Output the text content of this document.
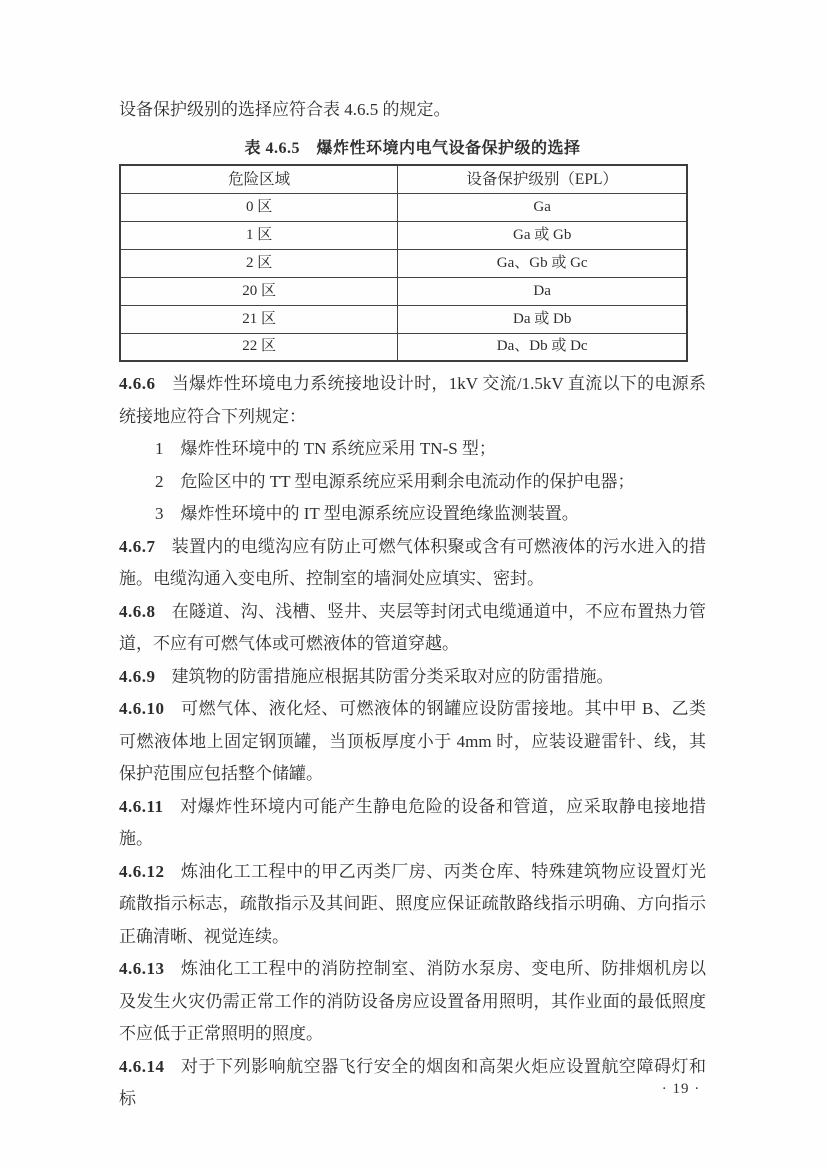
设备保护级别的选择应符合表 4.6.5 的规定。

表 4.6.5　爆炸性环境内电气设备保护级的选择

危险区域	设备保护级别（EPL）
0 区	Ga
1 区	Ga 或 Gb
2 区	Ga、Gb 或 Gc
20 区	Da
21 区	Da 或 Db
22 区	Da、Db 或 Dc

4.6.6 当爆炸性环境电力系统接地设计时，1kV 交流/1.5kV 直流以下的电源系统接地应符合下列规定：

1 爆炸性环境中的 TN 系统应采用 TN-S 型；

2 危险区中的 TT 型电源系统应采用剩余电流动作的保护电器；

3 爆炸性环境中的 IT 型电源系统应设置绝缘监测装置。

4.6.7 装置内的电缆沟应有防止可燃气体积聚或含有可燃液体的污水进入的措施。电缆沟通入变电所、控制室的墙洞处应填实、密封。

4.6.8 在隧道、沟、浅槽、竖井、夹层等封闭式电缆通道中，不应布置热力管道，不应有可燃气体或可燃液体的管道穿越。

4.6.9 建筑物的防雷措施应根据其防雷分类采取对应的防雷措施。

4.6.10 可燃气体、液化烃、可燃液体的钢罐应设防雷接地。其中甲 B、乙类可燃液体地上固定钢顶罐，当顶板厚度小于 4mm 时，应装设避雷针、线，其保护范围应包括整个储罐。

4.6.11 对爆炸性环境内可能产生静电危险的设备和管道，应采取静电接地措施。

4.6.12 炼油化工工程中的甲乙丙类厂房、丙类仓库、特殊建筑物应设置灯光疏散指示标志，疏散指示及其间距、照度应保证疏散路线指示明确、方向指示正确清晰、视觉连续。

4.6.13 炼油化工工程中的消防控制室、消防水泵房、变电所、防排烟机房以及发生火灾仍需正常工作的消防设备房应设置备用照明，其作业面的最低照度不应低于正常照明的照度。

4.6.14 对于下列影响航空器飞行安全的烟囱和高架火炬应设置航空障碍灯和标	· 19 ·
